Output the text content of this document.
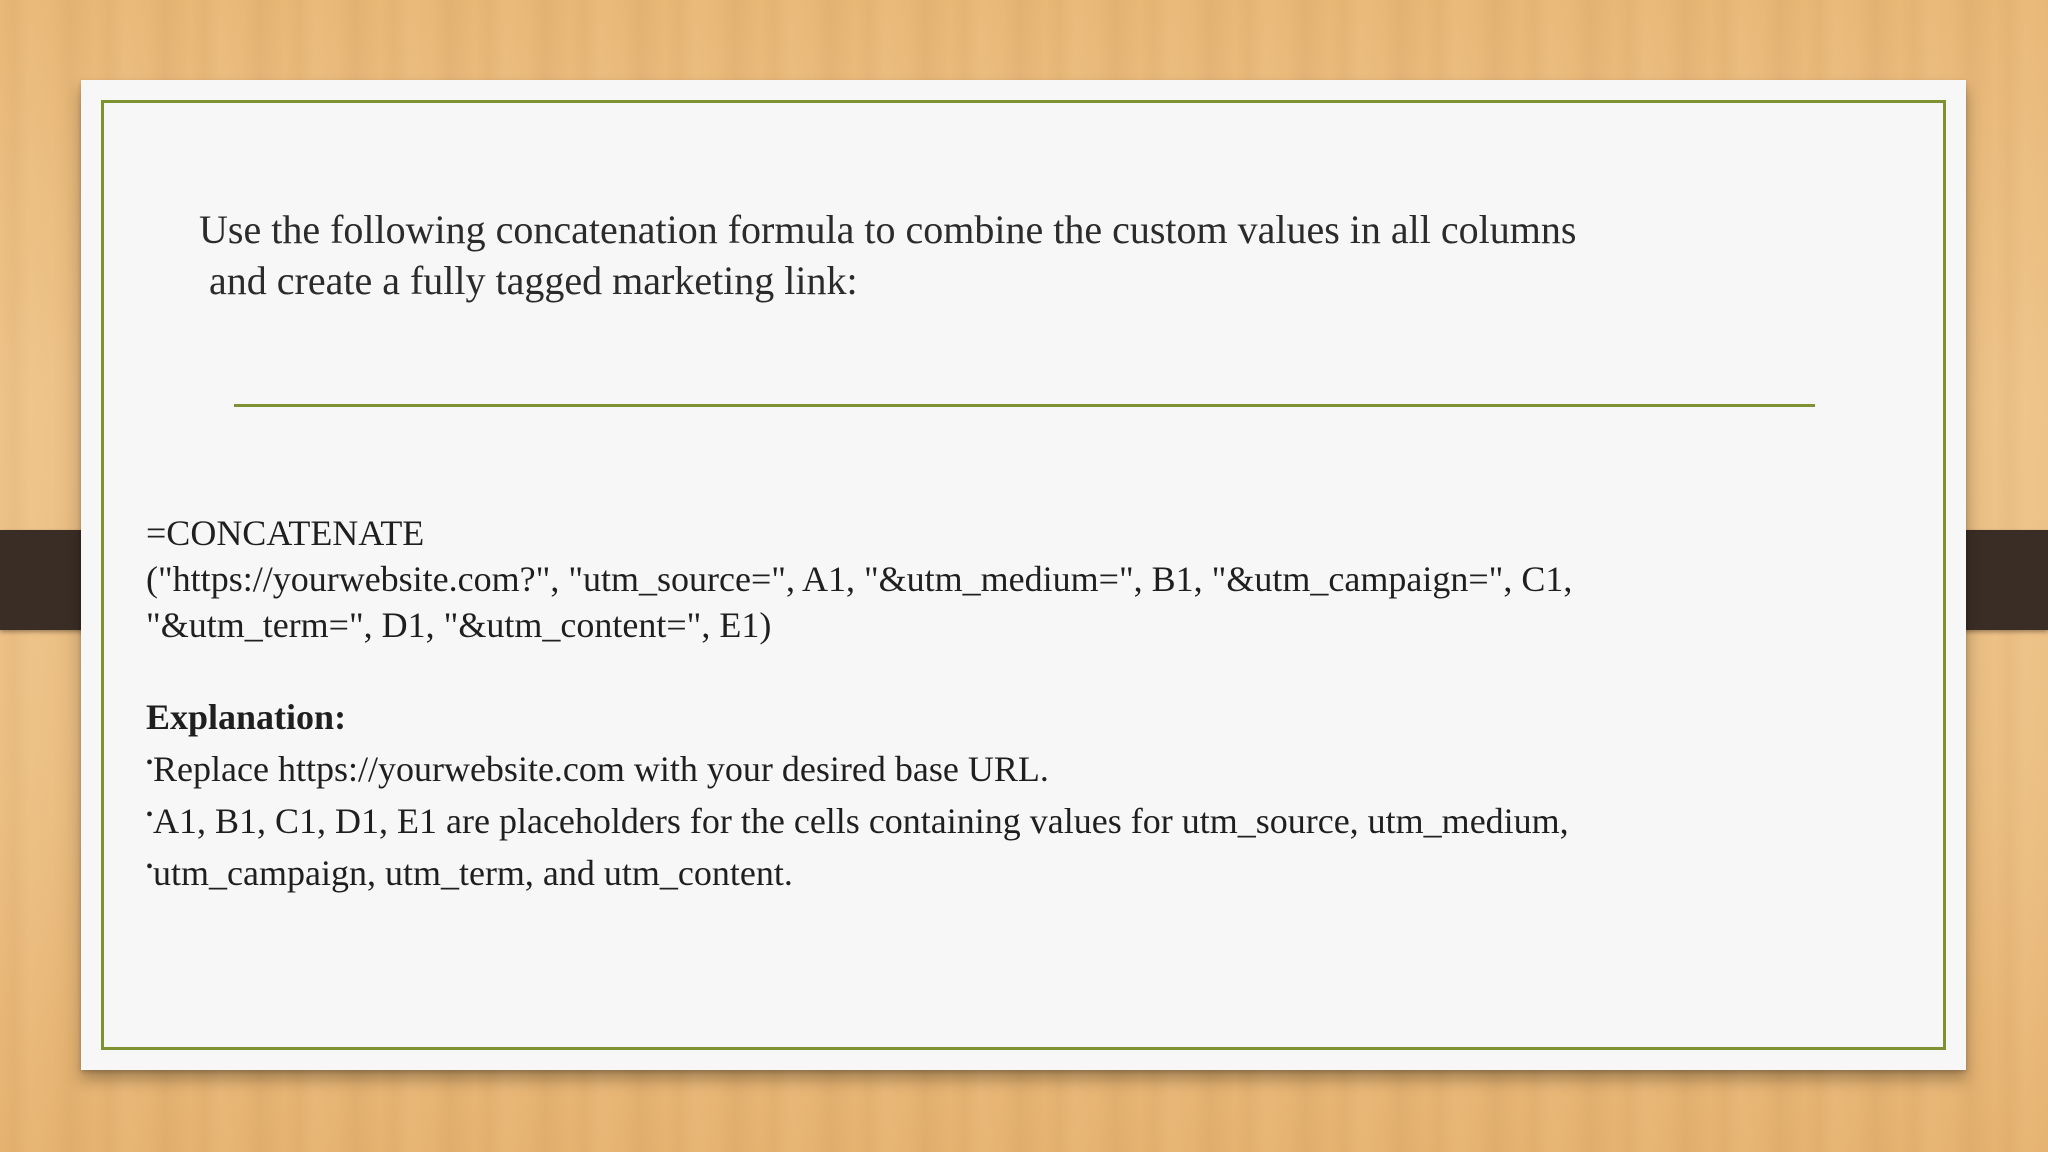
Use the following concatenation formula to combine the custom values in all columns
and create a fully tagged marketing link:
=CONCATENATE
("https://yourwebsite.com?", "utm_source=", A1, "&utm_medium=", B1, "&utm_campaign=", C1,
"&utm_term=", D1, "&utm_content=", E1)
Explanation:
•Replace https://yourwebsite.com with your desired base URL.
•A1, B1, C1, D1, E1 are placeholders for the cells containing values for utm_source, utm_medium,
•utm_campaign, utm_term, and utm_content.
